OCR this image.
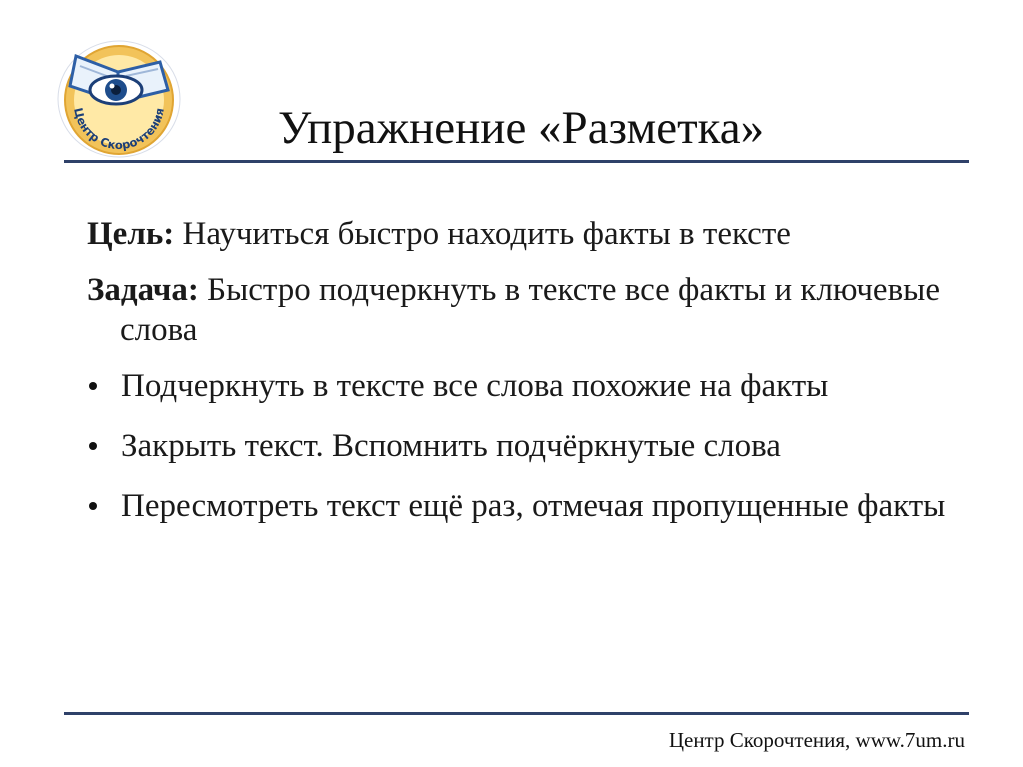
Центр Скорочтения Упражнение «Разметка»

Цель: Научиться быстро находить факты в тексте

Задача: Быстро подчеркнуть в тексте все факты и ключевые слова

Подчеркнуть в тексте все слова похожие на факты
Закрыть текст. Вспомнить подчёркнутые слова
Пересмотреть текст ещё раз, отмечая пропущенные факты
Центр Скорочтения, www.7um.ru
